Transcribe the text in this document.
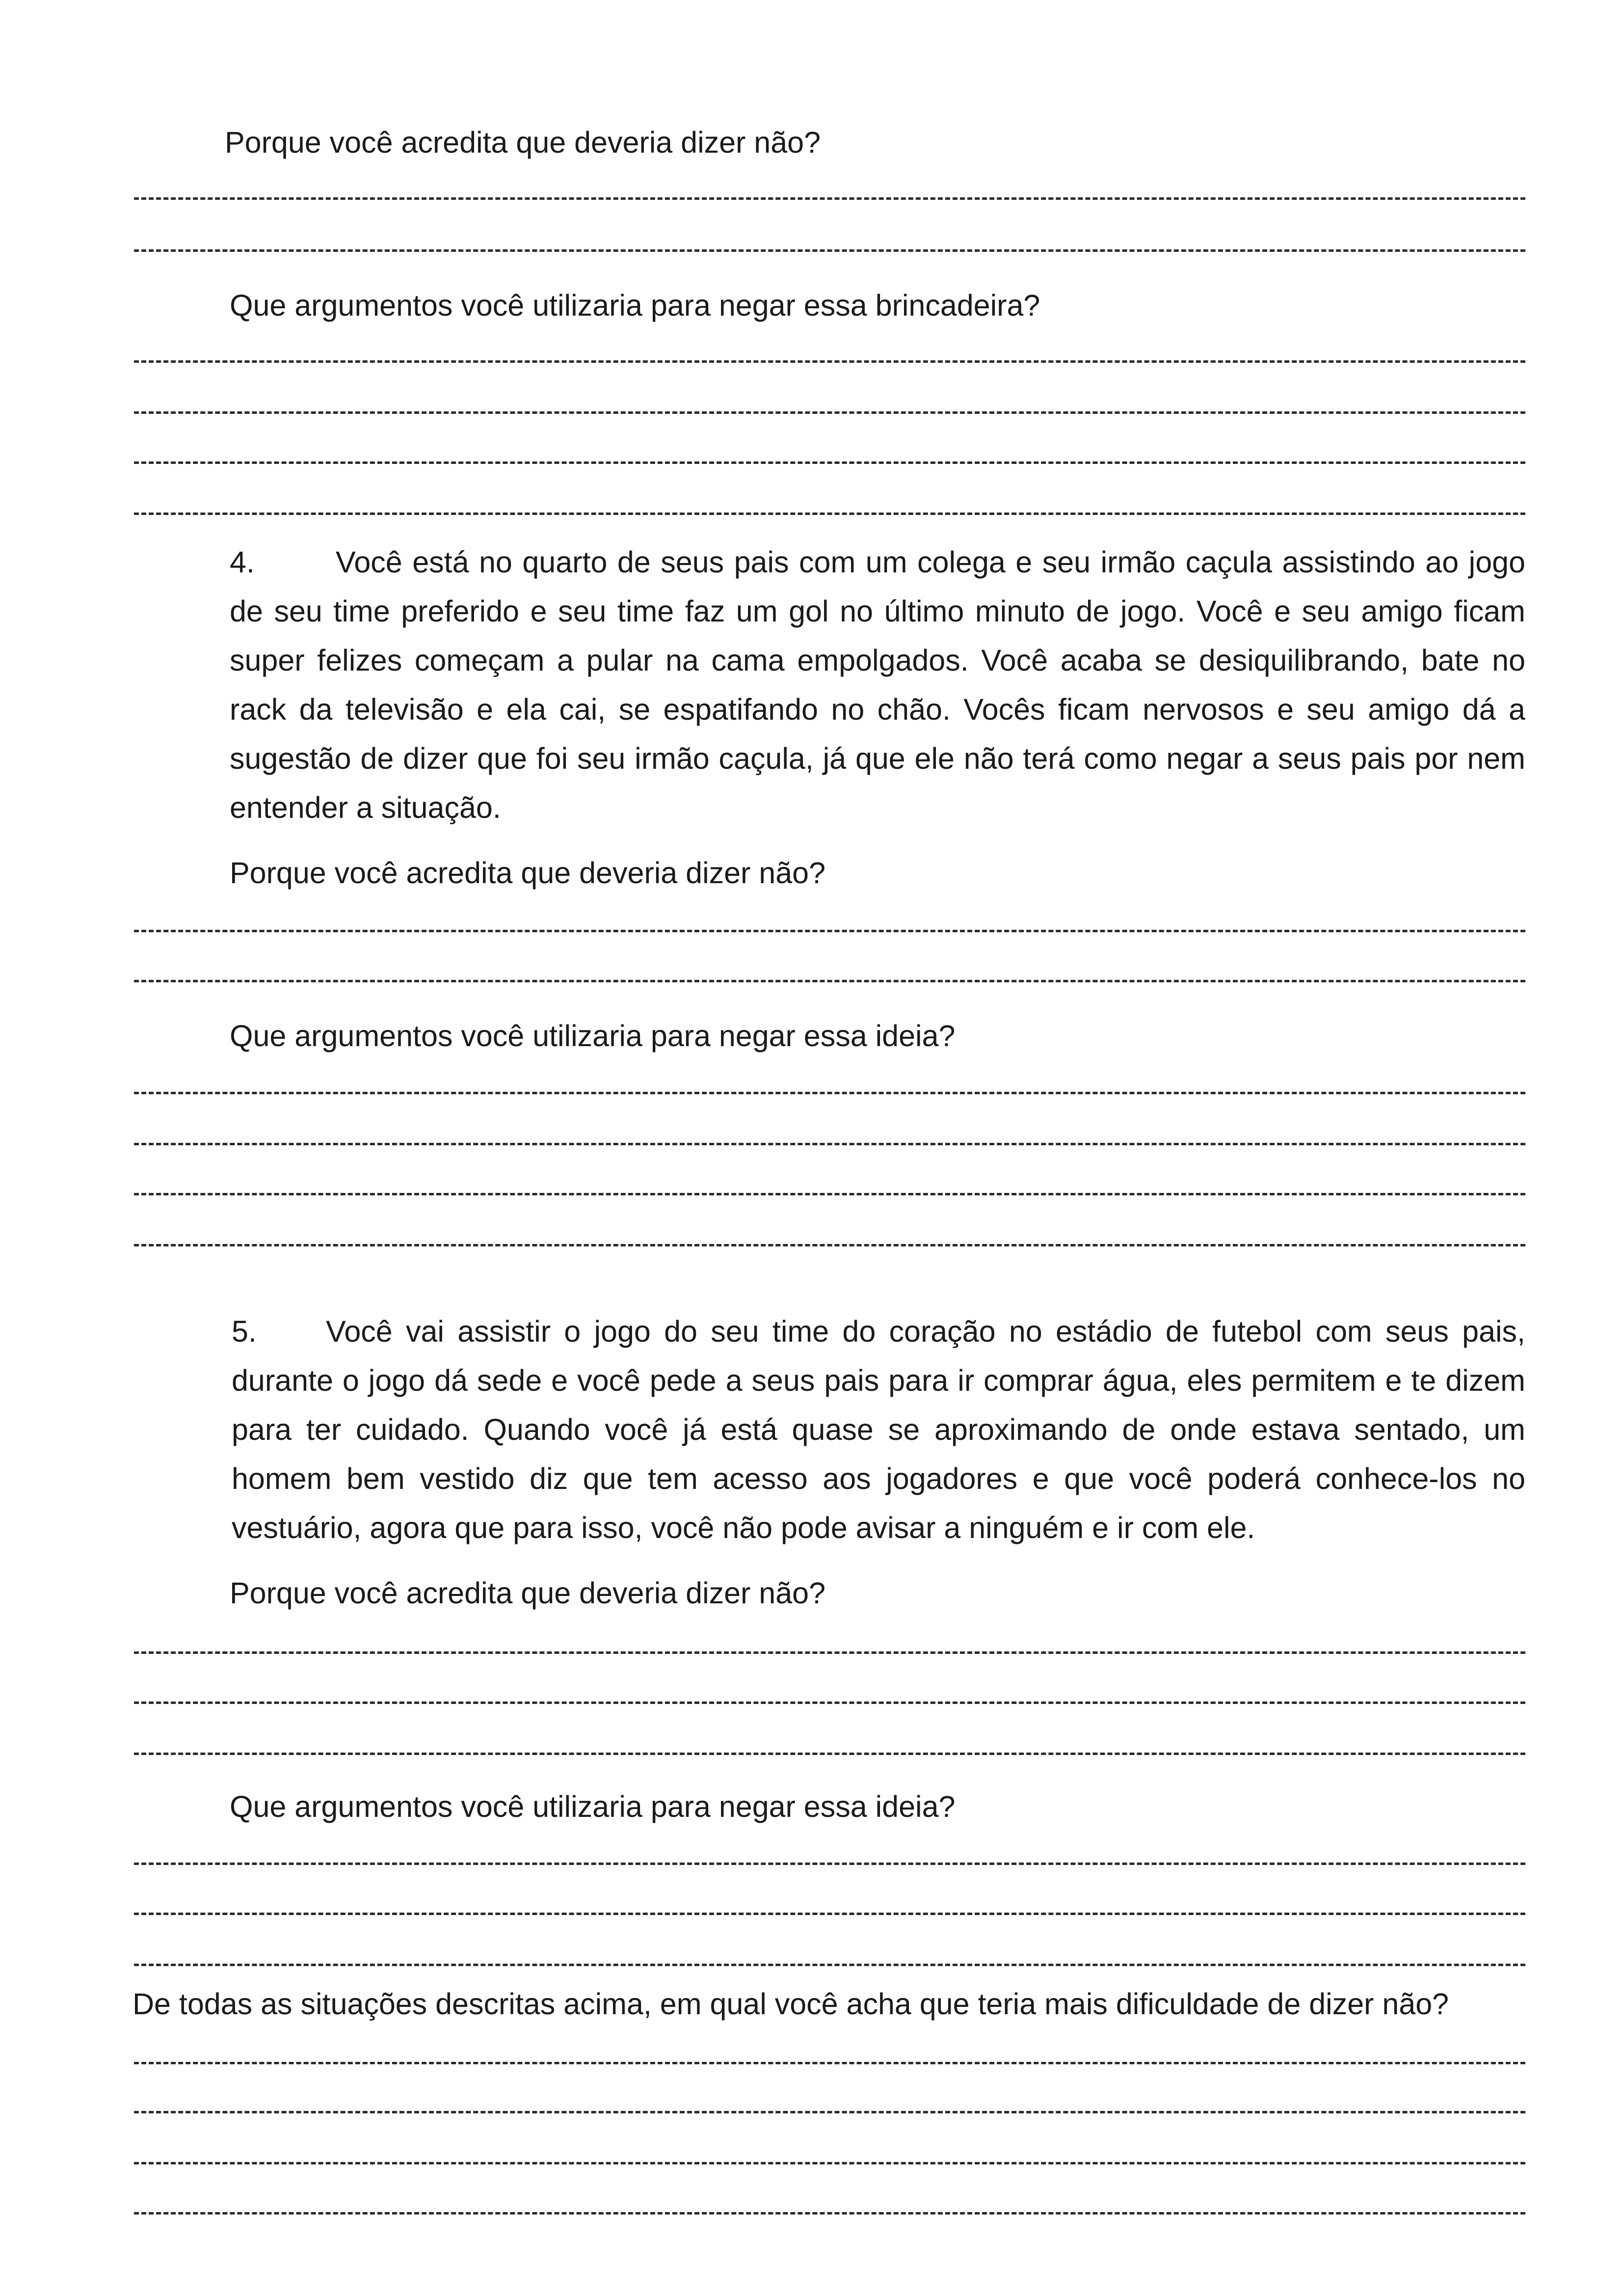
Porque você acredita que deveria dizer não?

Que argumentos você utilizaria para negar essa brincadeira?

4.	Você está no quarto de seus pais com um colega e seu irmão caçula assistindo ao jogo de seu time preferido e seu time faz um gol no último minuto de jogo. Você e seu amigo ficam super felizes começam a pular na cama empolgados. Você acaba se desiquilibrando, bate no rack da televisão e ela cai, se espatifando no chão. Vocês ficam nervosos e seu amigo dá a sugestão de dizer que foi seu irmão caçula, já que ele não terá como negar a seus pais por nem entender a situação.

Porque você acredita que deveria dizer não?

Que argumentos você utilizaria para negar essa ideia?

5. Você vai assistir o jogo do seu time do coração no estádio de futebol com seus pais, durante o jogo dá sede e você pede a seus pais para ir comprar água, eles permitem e te dizem para ter cuidado. Quando você já está quase se aproximando de onde estava sentado, um homem bem vestido diz que tem acesso aos jogadores e que você poderá conhece-los no vestuário, agora que para isso, você não pode avisar a ninguém e ir com ele.

Porque você acredita que deveria dizer não?

Que argumentos você utilizaria para negar essa ideia?

De todas as situações descritas acima, em qual você acha que teria mais dificuldade de dizer não?
